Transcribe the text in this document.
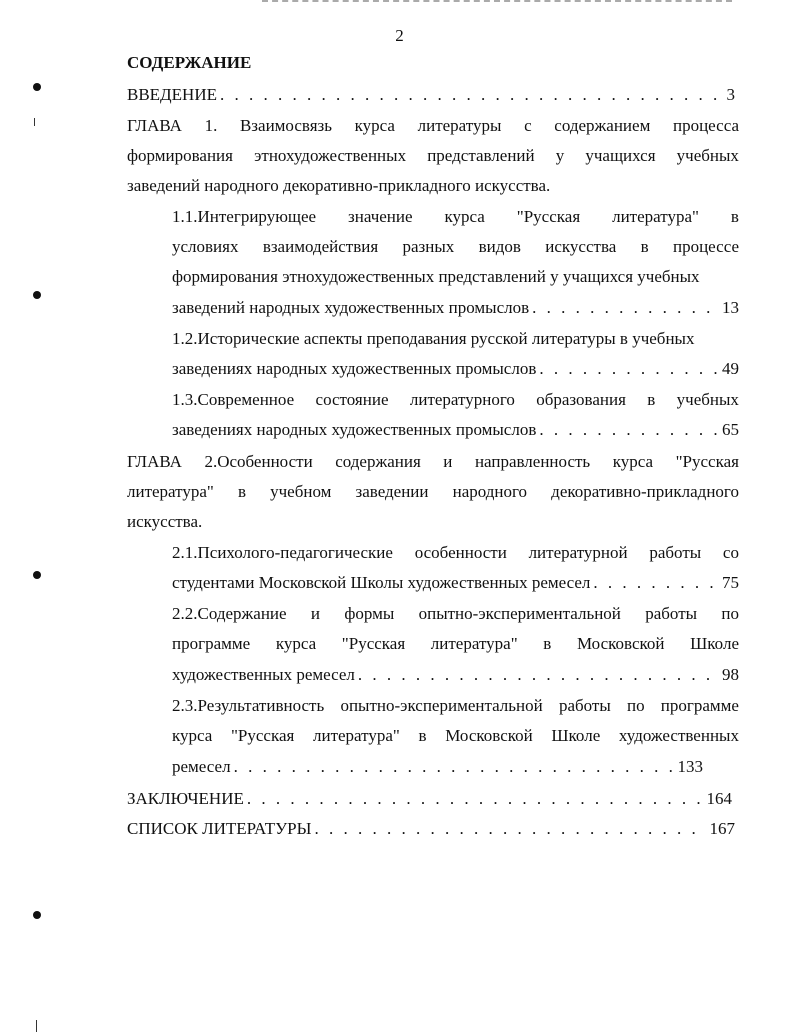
2
СОДЕРЖАНИЕ
ВВЕДЕНИЕ . . .	3
ГЛАВА 1. Взаимосвязь курса литературы с содержанием процесса
формирования этнохудожественных представлений у учащихся учебных
заведений народного декоративно-прикладного искусства.
1.1.Интегрирующее значение курса "Русская литература" в
условиях взаимодействия разных видов искусства в процессе
формирования этнохудожественных представлений у учащихся учебных
заведений народных художественных промыслов . . .	13
1.2.Исторические аспекты преподавания русской литературы в учебных
заведениях народных художественных промыслов . . .	49
1.3.Современное состояние литературного образования в учебных
заведениях народных художественных промыслов . . .	65
ГЛАВА 2.Особенности содержания и направленность курса "Русская
литература" в учебном заведении народного декоративно-прикладного
искусства.
2.1.Психолого-педагогические особенности литературной работы со
студентами Московской Школы художественных ремесел . . .	75
2.2.Содержание и формы опытно-экспериментальной работы по
программе курса "Русская литература" в Московской Школе
художественных ремесел . . .	98
2.3.Результативность опытно-экспериментальной работы по программе
курса "Русская литература" в Московской Школе художественных
ремесел . . .	133
ЗАКЛЮЧЕНИЕ . . .	164
СПИСОК ЛИТЕРАТУРЫ . . .	167
